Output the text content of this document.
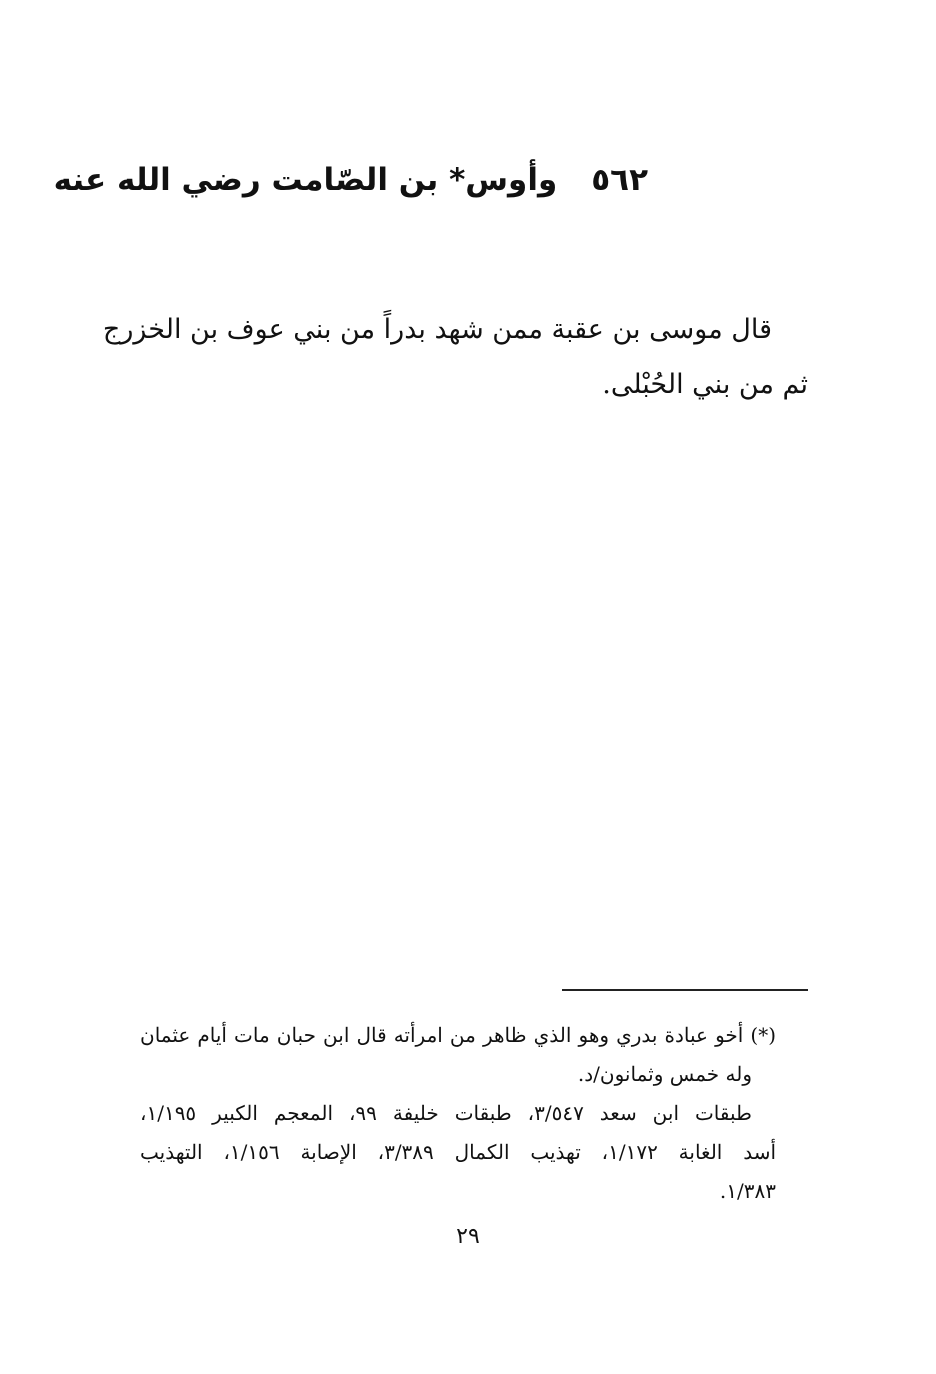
٥٦٢وأوس* بن الصّامت رضي الله عنه
قال موسى بن عقبة ممن شهد بدراً من بني عوف بن الخزرج
ثم من بني الحُبْلى.
(*) أخو عبادة بدري وهو الذي ظاهر من امرأته قال ابن حبان مات أيام عثمان
وله خمس وثمانون/د.
طبقات ابن سعد ٣/٥٤٧، طبقات خليفة ٩٩، المعجم الكبير ١/١٩٥،
أسد الغابة ١/١٧٢، تهذيب الكمال ٣/٣٨٩، الإصابة ١/١٥٦، التهذيب
١/٣٨٣.
٢٩
